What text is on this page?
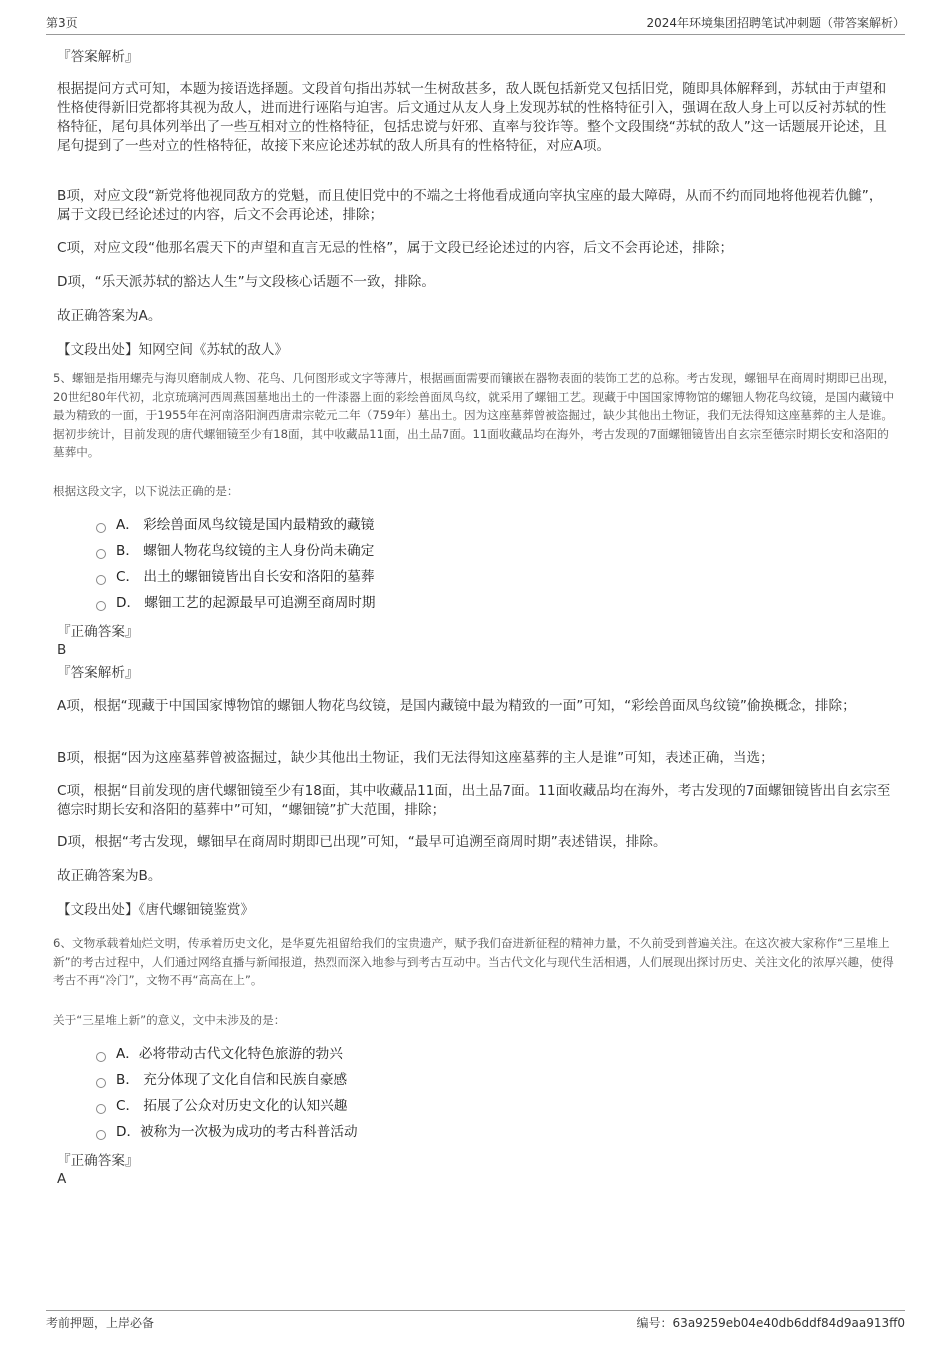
第3页	2024年环境集团招聘笔试冲刺题（带答案解析）
『答案解析』
根据提问方式可知，本题为接语选择题。文段首句指出苏轼一生树敌甚多，敌人既包括新党又包括旧党，随即具体解释到，苏轼由于声望和性格使得新旧党都将其视为敌人，进而进行诬陷与迫害。后文通过从友人身上发现苏轼的性格特征引入，强调在敌人身上可以反衬苏轼的性格特征，尾句具体列举出了一些互相对立的性格特征，包括忠谠与奸邪、直率与狡诈等。整个文段围绕“苏轼的敌人”这一话题展开论述，且尾句提到了一些对立的性格特征，故接下来应论述苏轼的敌人所具有的性格特征，对应A项。
B项，对应文段“新党将他视同敌方的党魁，而且使旧党中的不端之士将他看成通向宰执宝座的最大障碍，从而不约而同地将他视若仇雠”，属于文段已经论述过的内容，后文不会再论述，排除；
C项，对应文段“他那名震天下的声望和直言无忌的性格”，属于文段已经论述过的内容，后文不会再论述，排除；
D项，“乐天派苏轼的豁达人生”与文段核心话题不一致，排除。
故正确答案为A。
【文段出处】知网空间《苏轼的敌人》
5、螺钿是指用螺壳与海贝磨制成人物、花鸟、几何图形或文字等薄片，根据画面需要而镶嵌在器物表面的装饰工艺的总称。考古发现，螺钿早在商周时期即已出现，20世纪80年代初，北京琉璃河西周燕国墓地出土的一件漆器上面的彩绘兽面凤鸟纹，就采用了螺钿工艺。现藏于中国国家博物馆的螺钿人物花鸟纹镜，是国内藏镜中最为精致的一面，于1955年在河南洛阳涧西唐肃宗乾元二年（759年）墓出土。因为这座墓葬曾被盗掘过，缺少其他出土物证，我们无法得知这座墓葬的主人是谁。据初步统计，目前发现的唐代螺钿镜至少有18面，其中收藏品11面，出土品7面。11面收藏品均在海外，考古发现的7面螺钿镜皆出自玄宗至德宗时期长安和洛阳的墓葬中。
根据这段文字，以下说法正确的是：
A． 彩绘兽面凤鸟纹镜是国内最精致的藏镜
B． 螺钿人物花鸟纹镜的主人身份尚未确定
C． 出土的螺钿镜皆出自长安和洛阳的墓葬
D． 螺钿工艺的起源最早可追溯至商周时期
『正确答案』
B
『答案解析』
A项，根据“现藏于中国国家博物馆的螺钿人物花鸟纹镜，是国内藏镜中最为精致的一面”可知，“彩绘兽面凤鸟纹镜”偷换概念，排除；
B项，根据“因为这座墓葬曾被盗掘过，缺少其他出土物证，我们无法得知这座墓葬的主人是谁”可知，表述正确，当选；
C项，根据“目前发现的唐代螺钿镜至少有18面，其中收藏品11面，出土品7面。11面收藏品均在海外，考古发现的7面螺钿镜皆出自玄宗至德宗时期长安和洛阳的墓葬中”可知，“螺钿镜”扩大范围，排除；
D项，根据“考古发现，螺钿早在商周时期即已出现”可知，“最早可追溯至商周时期”表述错误，排除。
故正确答案为B。
【文段出处】《唐代螺钿镜鉴赏》
6、文物承载着灿烂文明，传承着历史文化，是华夏先祖留给我们的宝贵遗产，赋予我们奋进新征程的精神力量，不久前受到普遍关注。在这次被大家称作“三星堆上新”的考古过程中，人们通过网络直播与新闻报道，热烈而深入地参与到考古互动中。当古代文化与现代生活相遇，人们展现出探讨历史、关注文化的浓厚兴趣，使得考古不再“冷门”，文物不再“高高在上”。
关于“三星堆上新”的意义，文中未涉及的是：
A．必将带动古代文化特色旅游的勃兴
B． 充分体现了文化自信和民族自豪感
C． 拓展了公众对历史文化的认知兴趣
D．被称为一次极为成功的考古科普活动
『正确答案』
A
考前押题，上岸必备	编号：63a9259eb04e40db6ddf84d9aa913ff0
